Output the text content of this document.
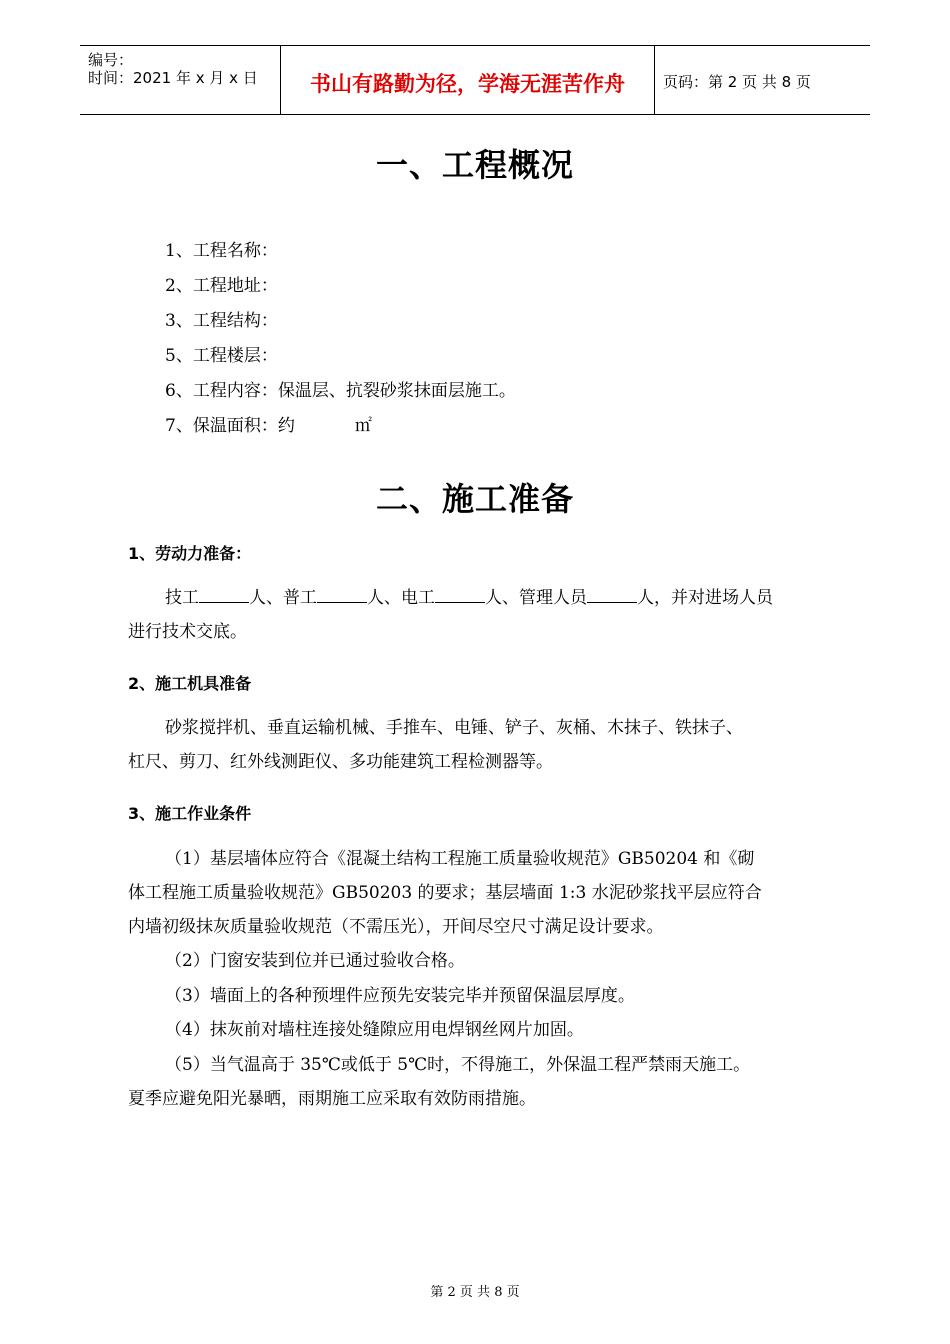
编号：
时间：2021 年 x 月 x 日	书山有路勤为径，学海无涯苦作舟	页码：第 2 页 共 8 页
一、工程概况
1、工程名称：
2、工程地址：
3、工程结构：
5、工程楼层：
6、工程内容：保温层、抗裂砂浆抹面层施工。
7、保温面积：约	㎡
二、施工准备
1、劳动力准备：
技工	人、普工	人、电工	人、管理人员	人，并对进场人员
进行技术交底。
2、施工机具准备
砂浆搅拌机、垂直运输机械、手推车、电锤、铲子、灰桶、木抹子、铁抹子、
杠尺、剪刀、红外线测距仪、多功能建筑工程检测器等。
3、施工作业条件
（1）基层墙体应符合《混凝土结构工程施工质量验收规范》GB50204 和《砌
体工程施工质量验收规范》GB50203 的要求；基层墙面 1:3 水泥砂浆找平层应符合
内墙初级抹灰质量验收规范（不需压光），开间尽空尺寸满足设计要求。
（2）门窗安装到位并已通过验收合格。
（3）墙面上的各种预埋件应预先安装完毕并预留保温层厚度。
（4）抹灰前对墙柱连接处缝隙应用电焊钢丝网片加固。
（5）当气温高于 35℃或低于 5℃时，不得施工，外保温工程严禁雨天施工。
夏季应避免阳光暴晒，雨期施工应采取有效防雨措施。
第 2 页 共 8 页
